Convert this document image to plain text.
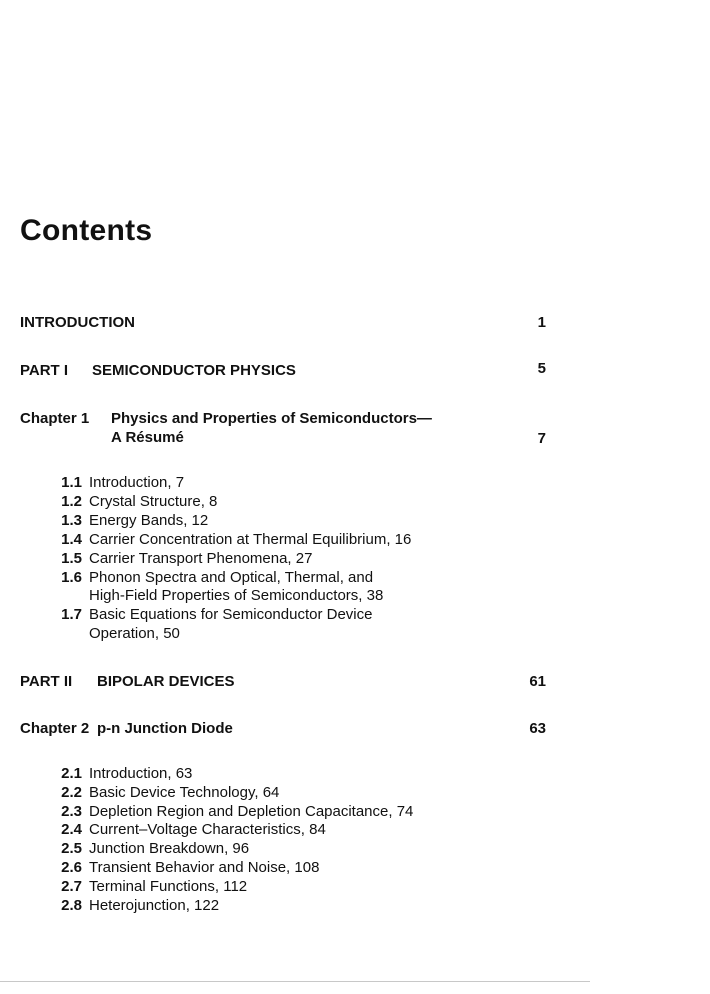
Contents
INTRODUCTION	1
PART I SEMICONDUCTOR PHYSICS	5
Chapter 1 Physics and Properties of Semiconductors—
A Résumé	7
1.1 Introduction, 7
1.2 Crystal Structure, 8
1.3 Energy Bands, 12
1.4 Carrier Concentration at Thermal Equilibrium, 16
1.5 Carrier Transport Phenomena, 27
1.6 Phonon Spectra and Optical, Thermal, and
High-Field Properties of Semiconductors, 38
1.7 Basic Equations for Semiconductor Device
Operation, 50
PART II BIPOLAR DEVICES	61
Chapter 2 p-n Junction Diode	63
2.1 Introduction, 63
2.2 Basic Device Technology, 64
2.3 Depletion Region and Depletion Capacitance, 74
2.4 Current–Voltage Characteristics, 84
2.5 Junction Breakdown, 96
2.6 Transient Behavior and Noise, 108
2.7 Terminal Functions, 112
2.8 Heterojunction, 122
